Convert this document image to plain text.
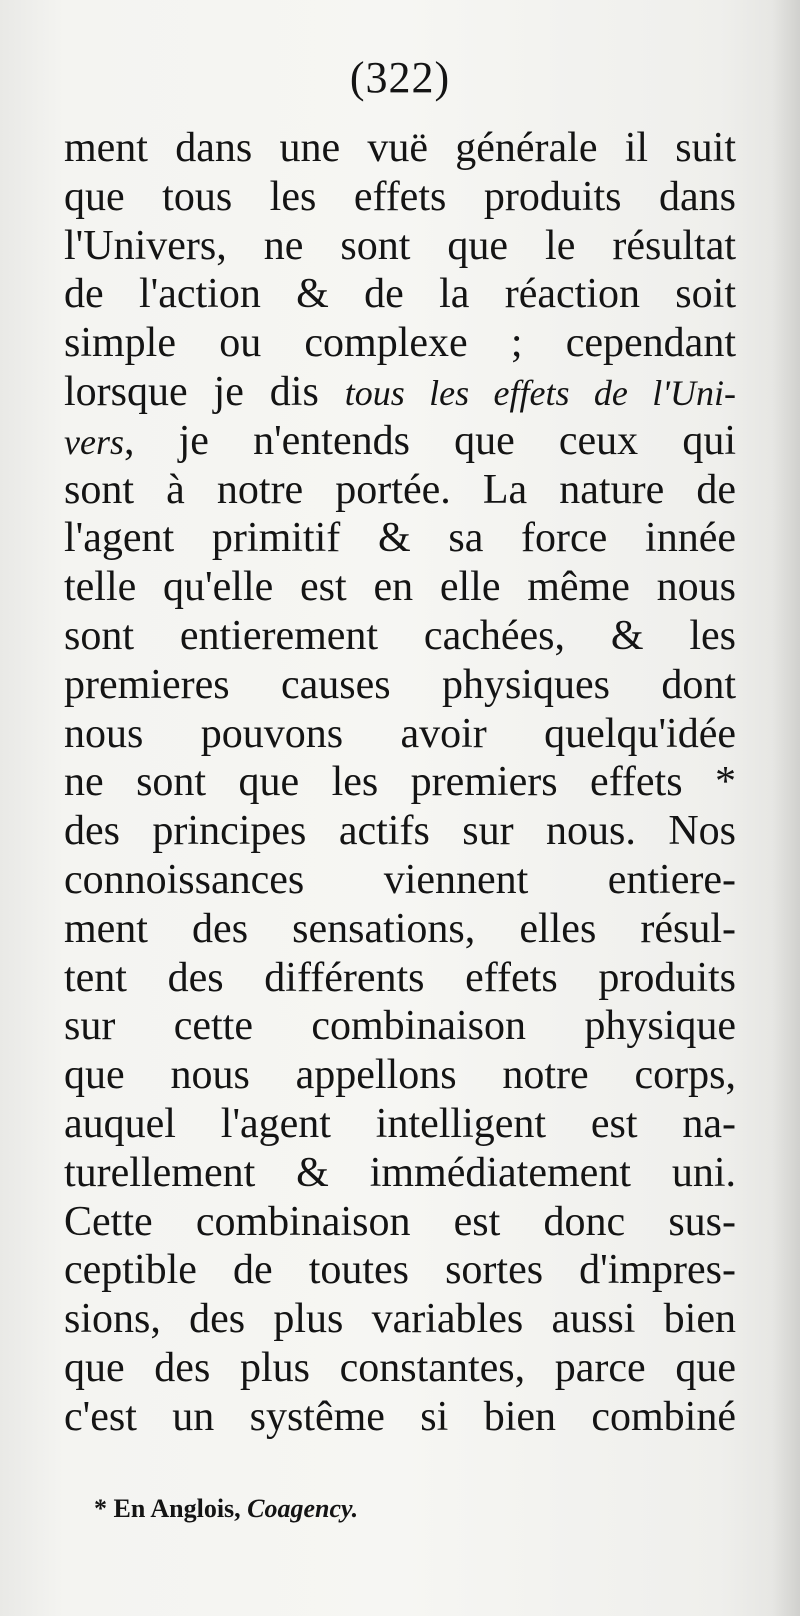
(322)
ment dans une vuë générale il suit
que tous les effets produits dans
l'Univers, ne sont que le résultat
de l'action & de la réaction soit
simple ou complexe ; cependant
lorsque je dis tous les effets de l'Uni-
vers, je n'entends que ceux qui
sont à notre portée. La nature de
l'agent primitif & sa force innée
telle qu'elle est en elle même nous
sont entierement cachées, & les
premieres causes physiques dont
nous pouvons avoir quelqu'idée
ne sont que les premiers effets *
des principes actifs sur nous. Nos
connoissances viennent entiere-
ment des sensations, elles résul-
tent des différents effets produits
sur cette combinaison physique
que nous appellons notre corps,
auquel l'agent intelligent est na-
turellement & immédiatement uni.
Cette combinaison est donc sus-
ceptible de toutes sortes d'impres-
sions, des plus variables aussi bien
que des plus constantes, parce que
c'est un systême si bien combiné
* En Anglois, Coagency.
